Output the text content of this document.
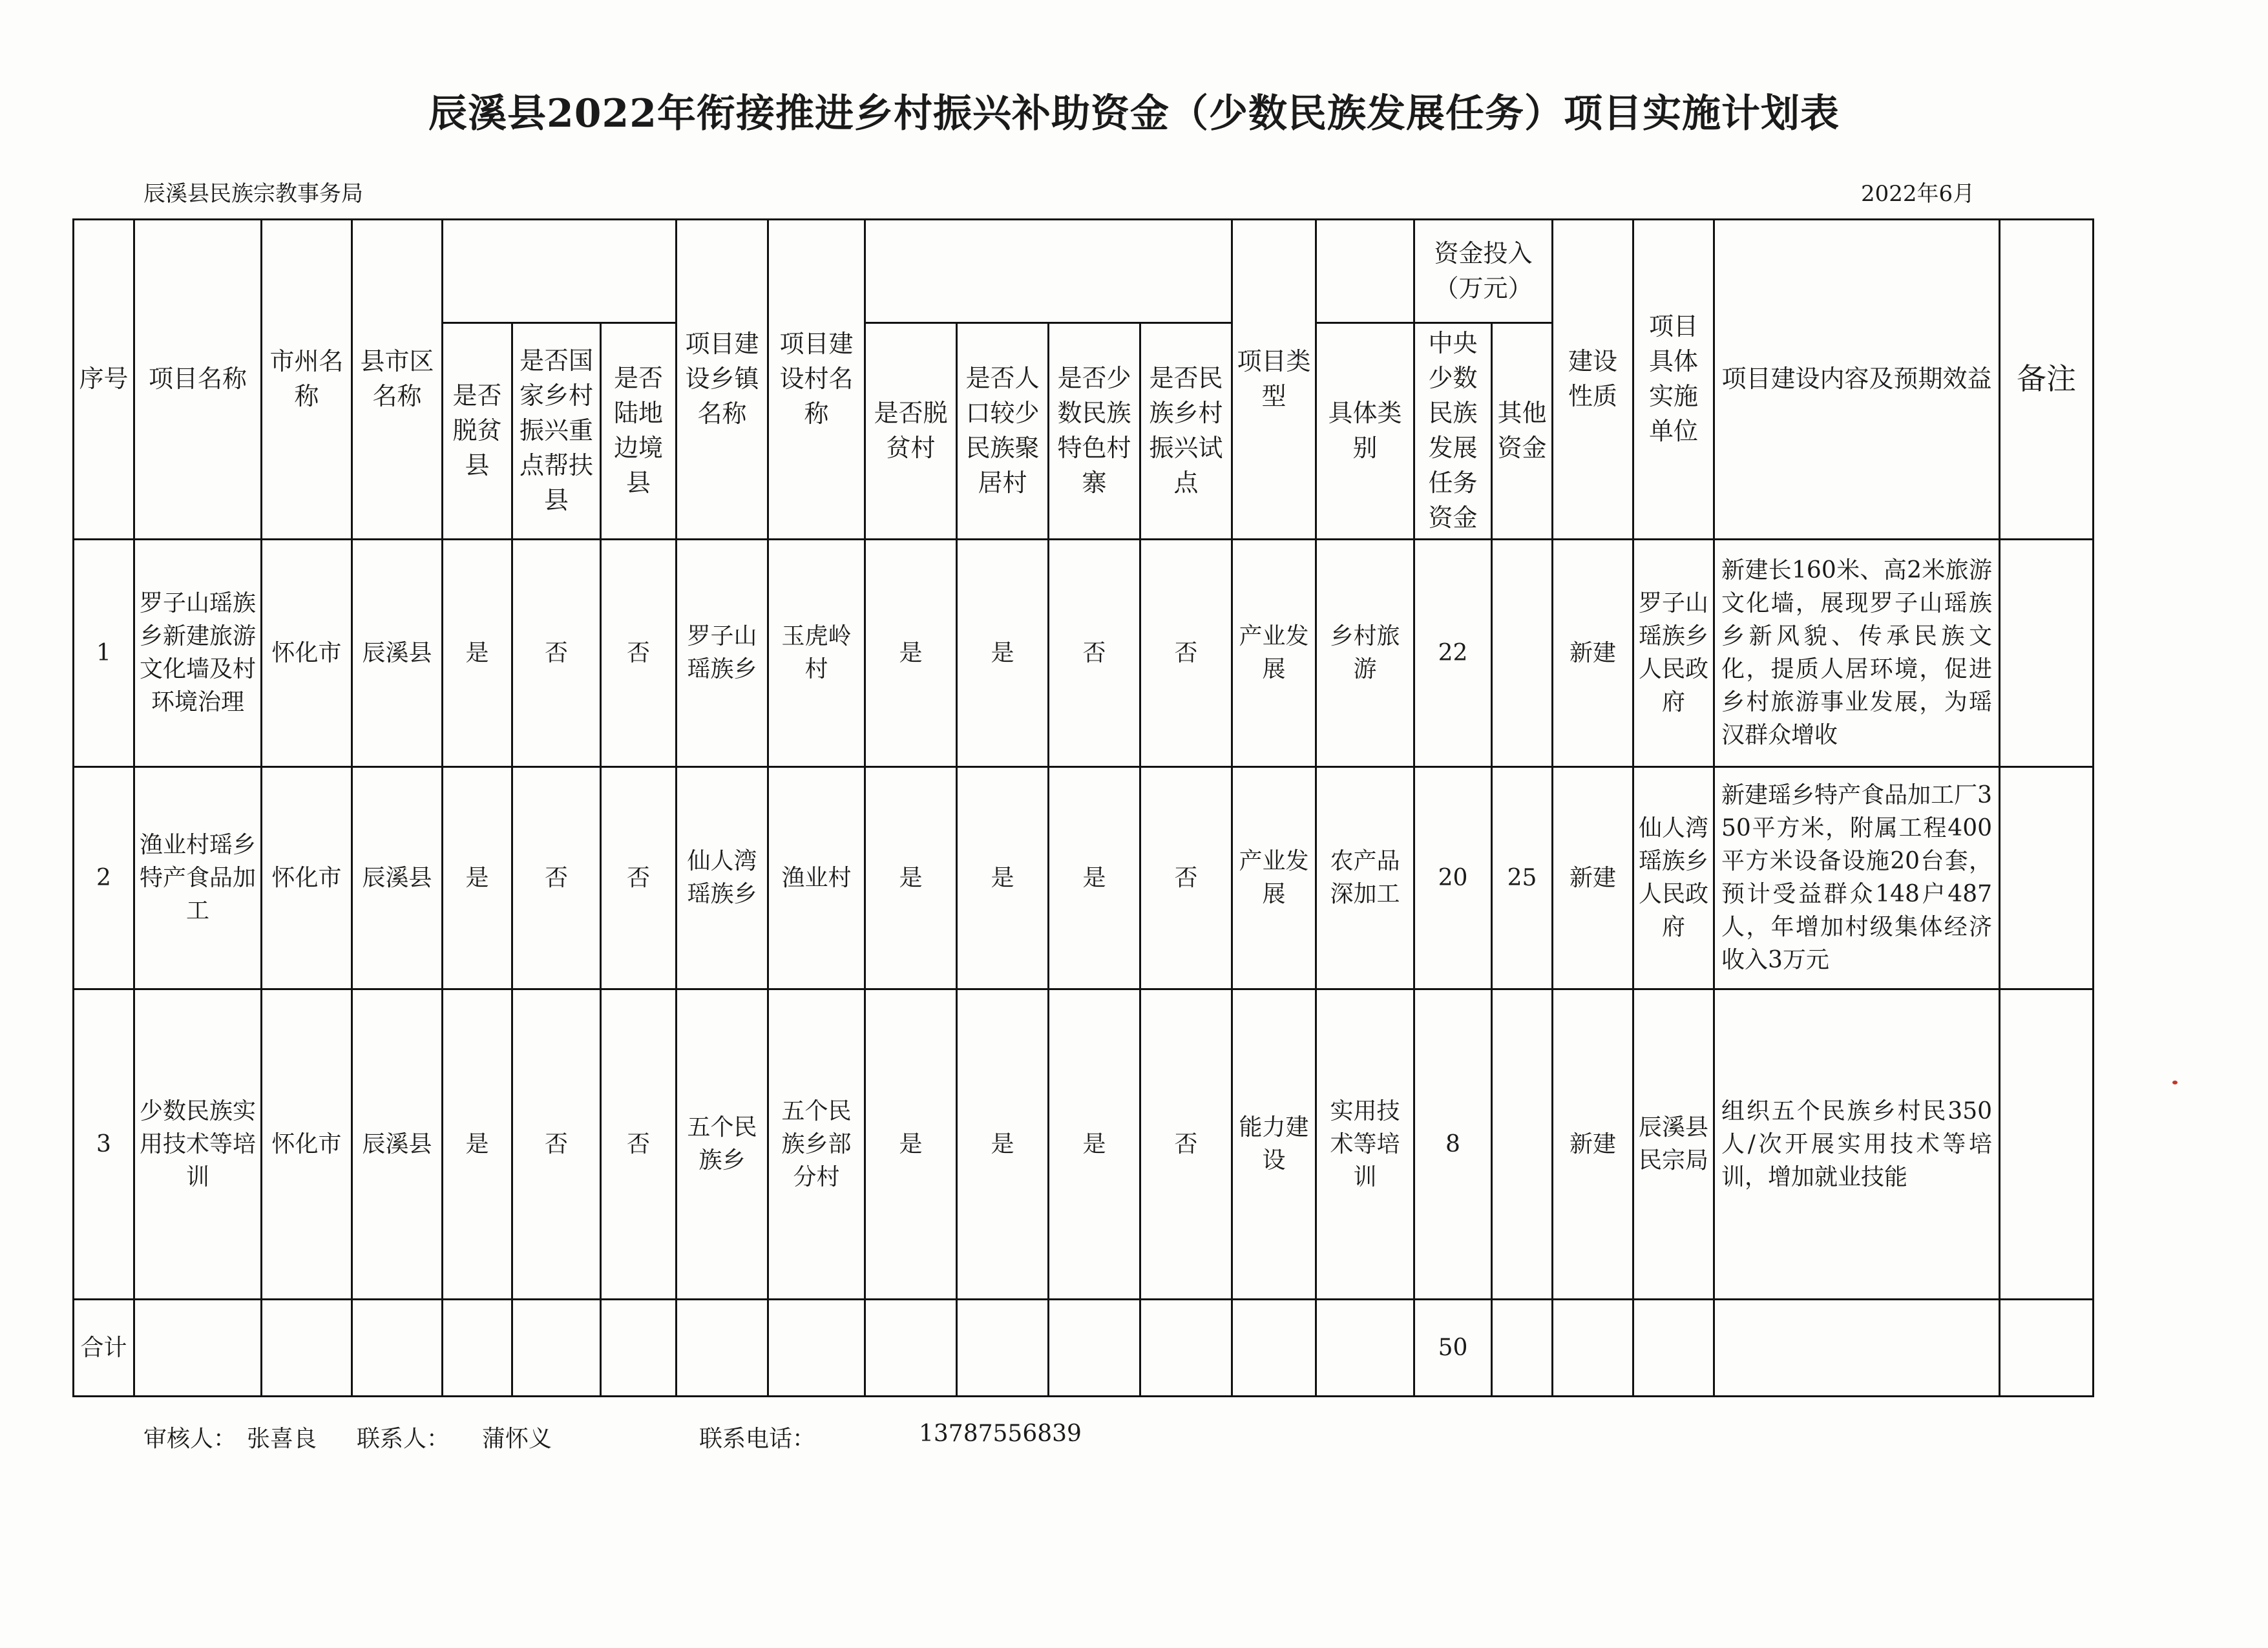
辰溪县2022年衔接推进乡村振兴补助资金（少数民族发展任务）项目实施计划表
辰溪县民族宗教事务局	2022年6月
序号	项目名称	市州名称	县市区名称				项目建设乡镇名称	项目建设村名称					项目类型		资金投入（万元）		建设性质	项目具体实施单位	项目建设内容及预期效益	备注
				是否脱贫县	是否国家乡村振兴重点帮扶县	是否陆地边境县			是否脱贫村	是否人口较少民族聚居村	是否少数民族特色村寨	是否民族乡村振兴试点		具体类别	中央少数民族发展任务资金	其他资金				
1	罗子山瑶族乡新建旅游文化墙及村环境治理	怀化市	辰溪县	是	否	否	罗子山瑶族乡	玉虎岭村	是	是	否	否	产业发展	乡村旅游	22		新建	罗子山瑶族乡人民政府	新建长160米、高2米旅游文化墙，展现罗子山瑶族乡新风貌、传承民族文化，提质人居环境，促进乡村旅游事业发展，为瑶汉群众增收	
2	渔业村瑶乡特产食品加工	怀化市	辰溪县	是	否	否	仙人湾瑶族乡	渔业村	是	是	是	否	产业发展	农产品深加工	20	25	新建	仙人湾瑶族乡人民政府	新建瑶乡特产食品加工厂350平方米，附属工程400平方米设备设施20台套，预计受益群众148户487人，年增加村级集体经济收入3万元	
3	少数民族实用技术等培训	怀化市	辰溪县	是	否	否	五个民族乡	五个民族乡部分村	是	是	是	否	能力建设	实用技术等培训	8		新建	辰溪县民宗局	组织五个民族乡村民350人/次开展实用技术等培训，增加就业技能	
合计															50					
审核人： 张喜良 联系人： 蒲怀义	联系电话：	13787556839
